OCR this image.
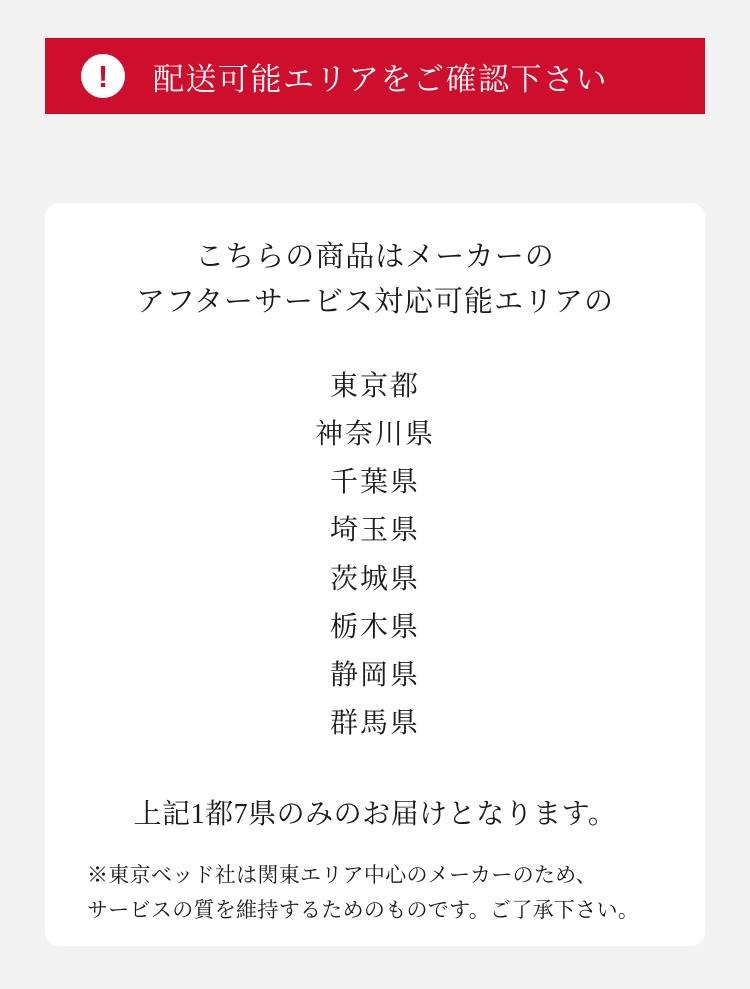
!	配送可能エリアをご確認下さい
こちらの商品はメーカーの
アフターサービス対応可能エリアの
東京都
神奈川県
千葉県
埼玉県
茨城県
栃木県
静岡県
群馬県
上記1都7県のみのお届けとなります。
※東京ベッド社は関東エリア中心のメーカーのため、
サービスの質を維持するためのものです。ご了承下さい。
